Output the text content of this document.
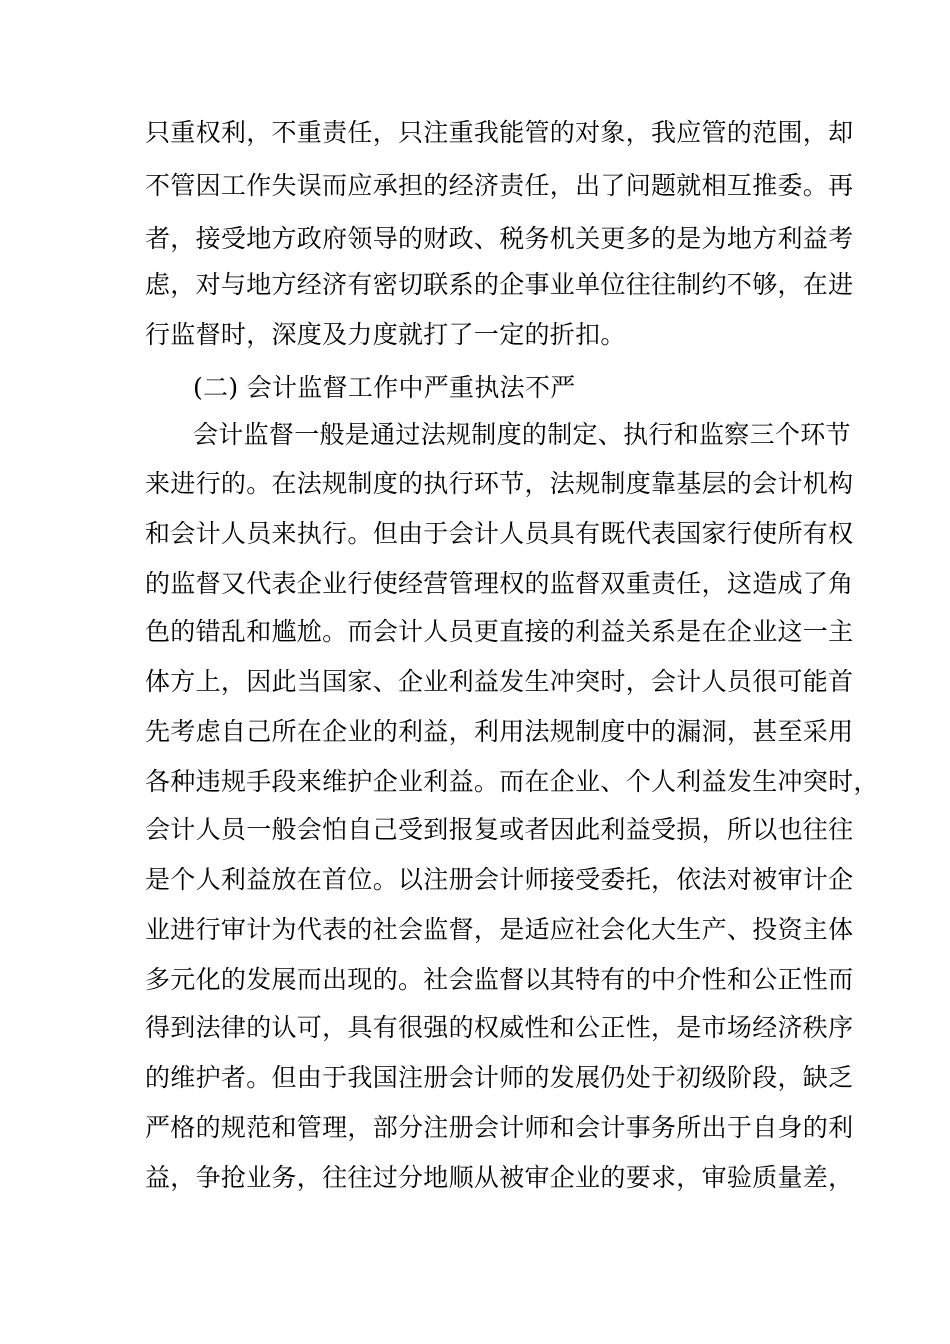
只重权利，不重责任，只注重我能管的对象，我应管的范围，却
不管因工作失误而应承担的经济责任，出了问题就相互推委。再
者，接受地方政府领导的财政、税务机关更多的是为地方利益考
虑，对与地方经济有密切联系的企事业单位往往制约不够，在进
行监督时，深度及力度就打了一定的折扣。
(二) 会计监督工作中严重执法不严
会计监督一般是通过法规制度的制定、执行和监察三个环节
来进行的。在法规制度的执行环节，法规制度靠基层的会计机构
和会计人员来执行。但由于会计人员具有既代表国家行使所有权
的监督又代表企业行使经营管理权的监督双重责任，这造成了角
色的错乱和尴尬。而会计人员更直接的利益关系是在企业这一主
体方上，因此当国家、企业利益发生冲突时，会计人员很可能首
先考虑自己所在企业的利益，利用法规制度中的漏洞，甚至采用
各种违规手段来维护企业利益。而在企业、个人利益发生冲突时，
会计人员一般会怕自己受到报复或者因此利益受损，所以也往往
是个人利益放在首位。以注册会计师接受委托，依法对被审计企
业进行审计为代表的社会监督，是适应社会化大生产、投资主体
多元化的发展而出现的。社会监督以其特有的中介性和公正性而
得到法律的认可，具有很强的权威性和公正性，是市场经济秩序
的维护者。但由于我国注册会计师的发展仍处于初级阶段，缺乏
严格的规范和管理，部分注册会计师和会计事务所出于自身的利
益，争抢业务，往往过分地顺从被审企业的要求，审验质量差，
